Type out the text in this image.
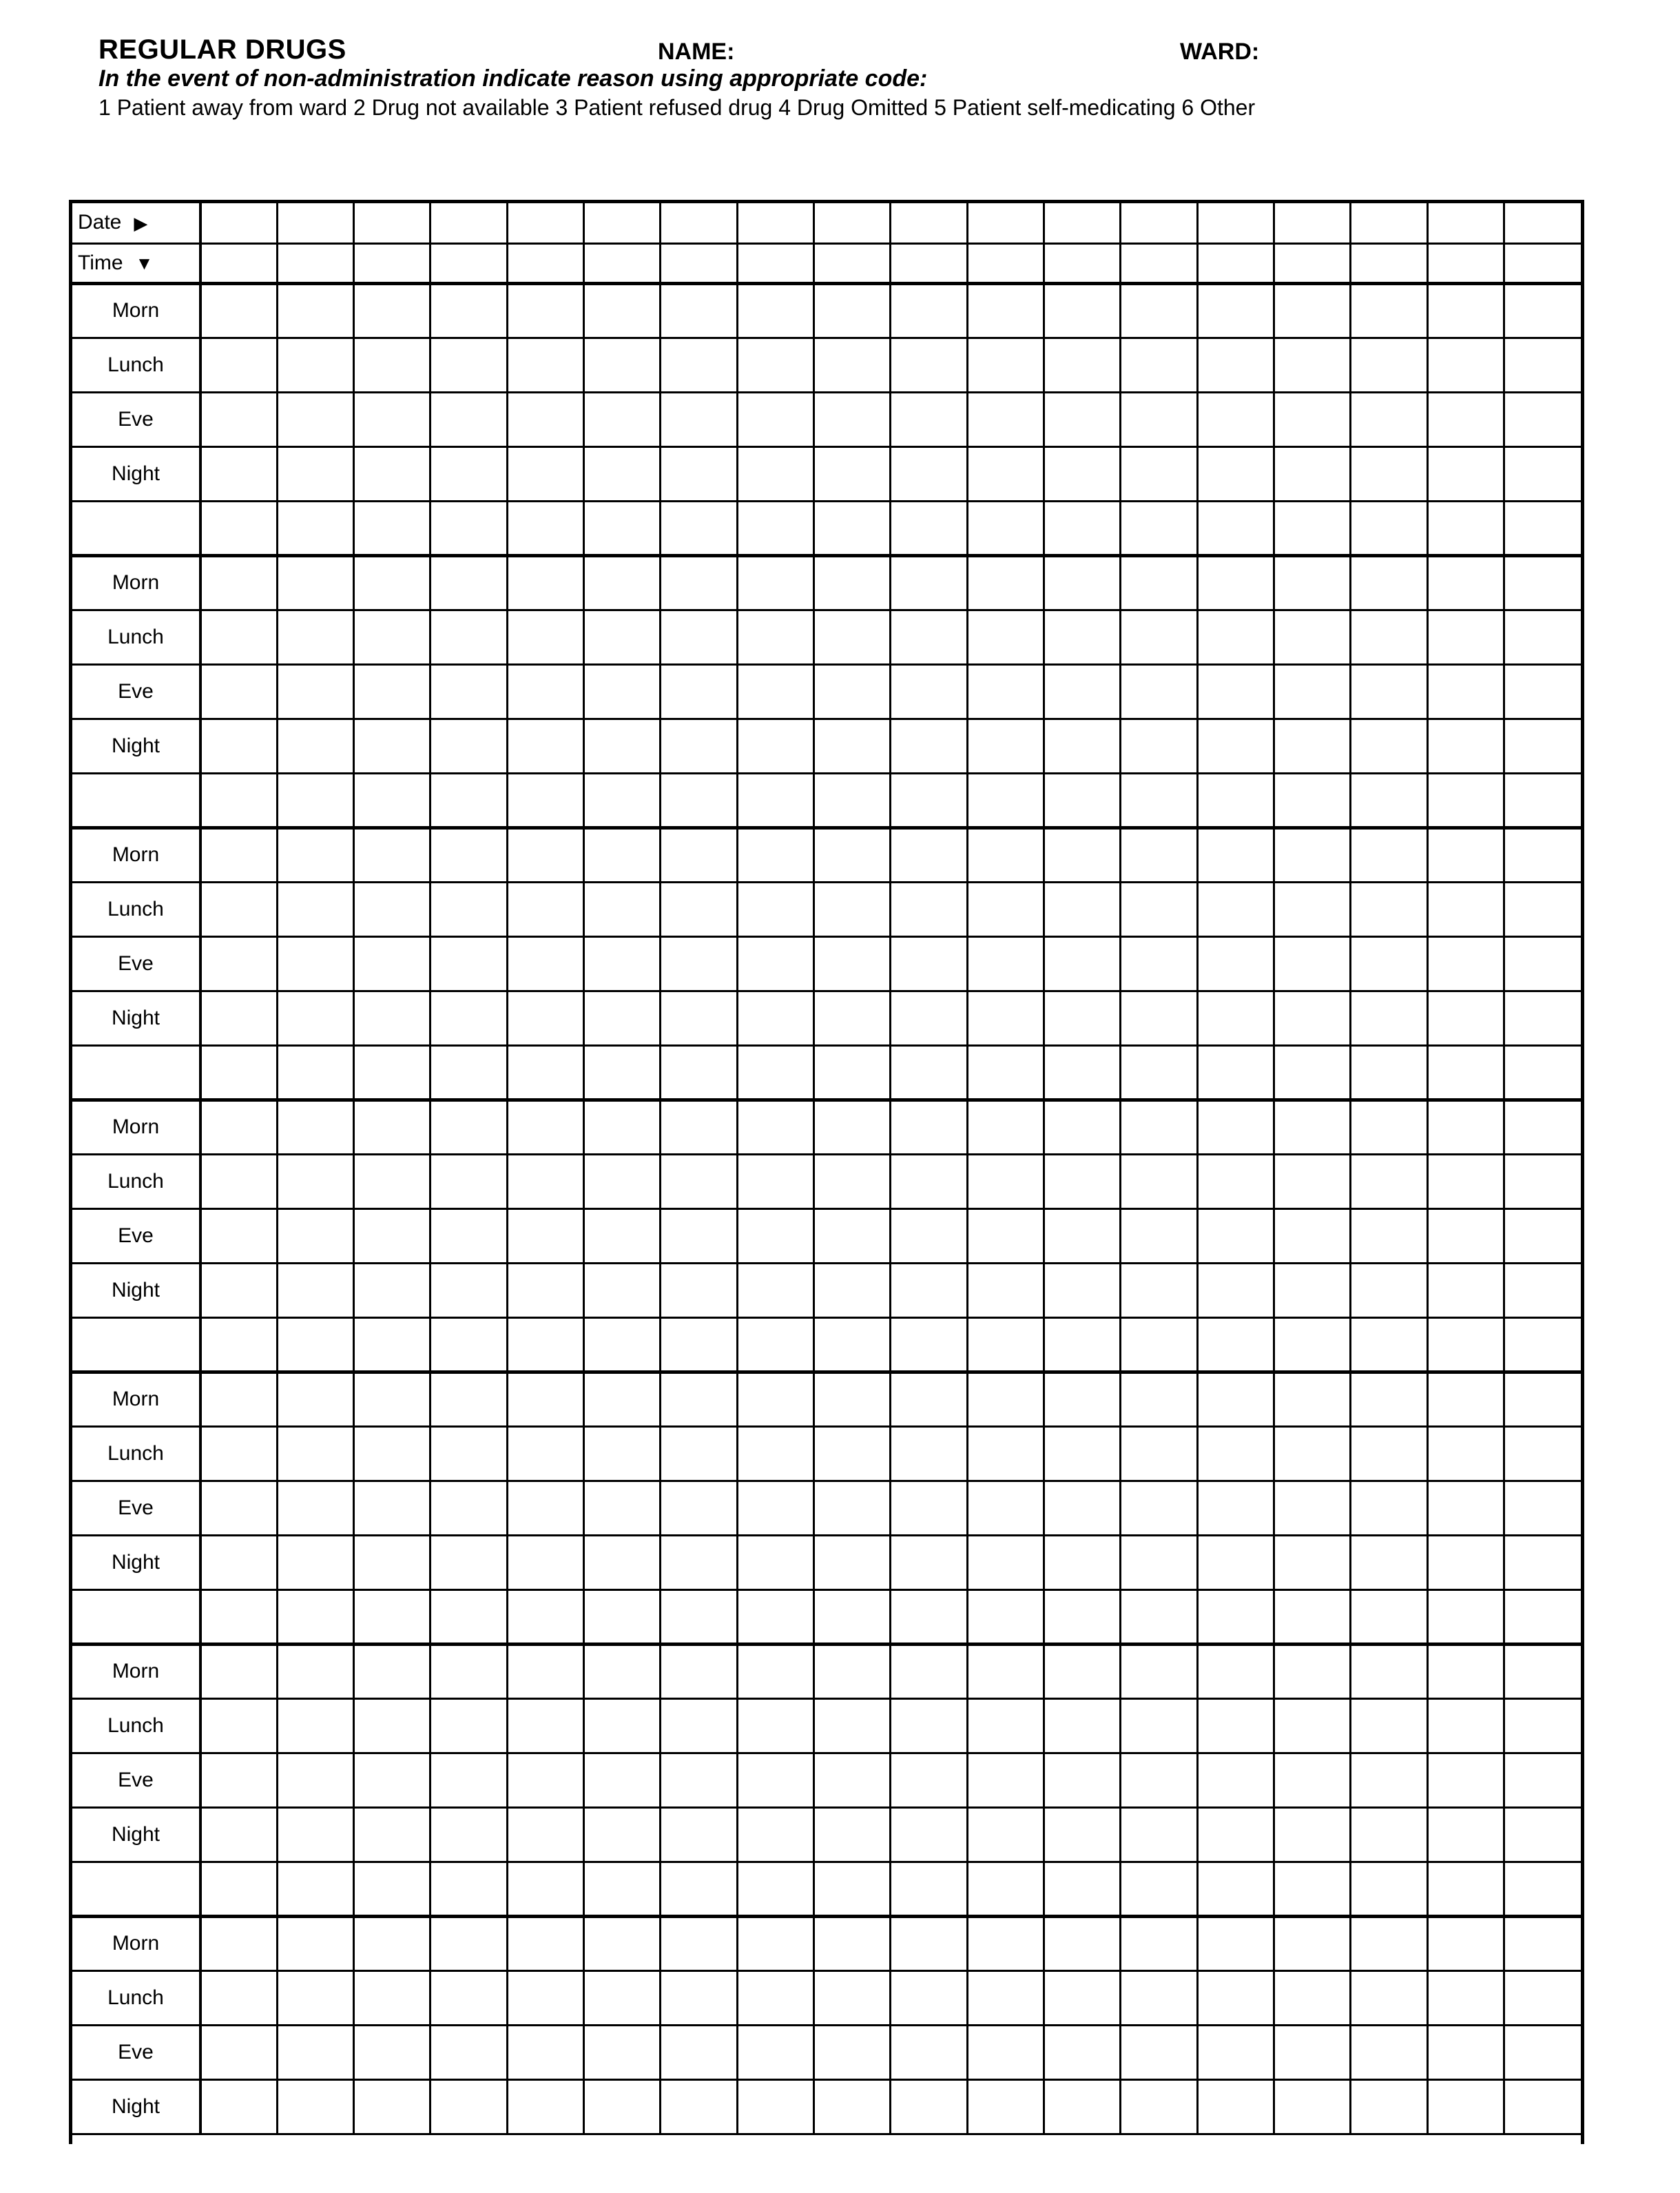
REGULAR DRUGS	NAME:	WARD:
In the event of non-administration indicate reason using appropriate code:
1 Patient away from ward 2 Drug not available 3 Patient refused drug 4 Drug Omitted 5 Patient self-medicating 6 Other
Date ▶																		
Time ▼																		
Morn																		
Lunch																		
Eve																		
Night																		

Morn																		
Lunch																		
Eve																		
Night																		

Morn																		
Lunch																		
Eve																		
Night																		

Morn																		
Lunch																		
Eve																		
Night																		

Morn																		
Lunch																		
Eve																		
Night																		

Morn																		
Lunch																		
Eve																		
Night																		

Morn																		
Lunch																		
Eve																		
Night																		
